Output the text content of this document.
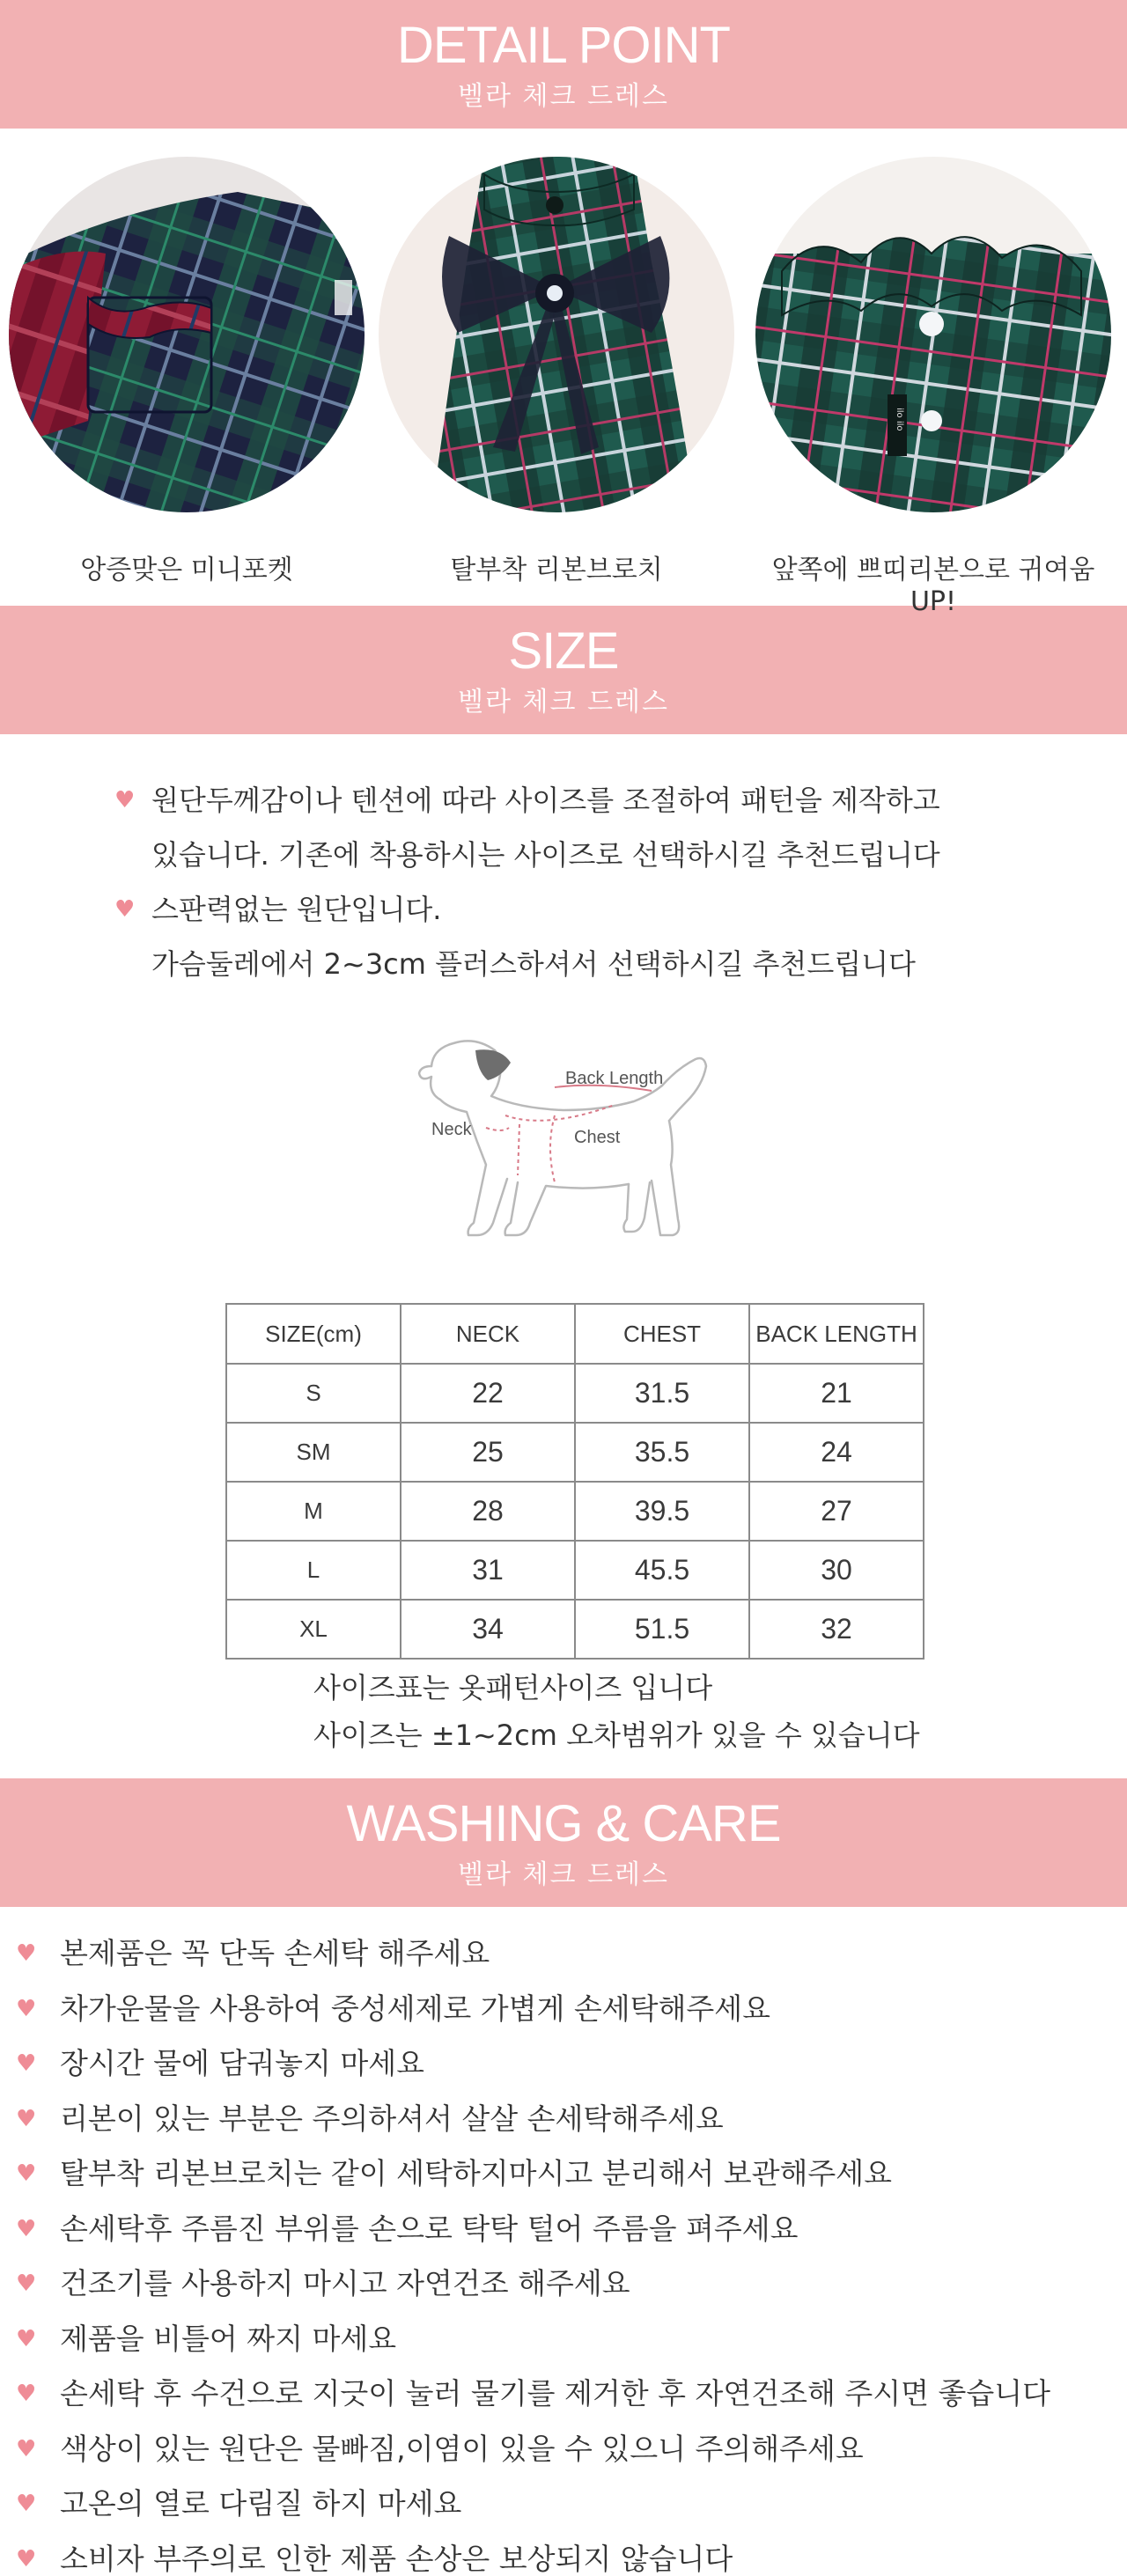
DETAIL POINT
벨라 체크 드레스
앙증맞은 미니포켓	탈부착 리본브로치
ilo ilo
앞쪽에 쁘띠리본으로 귀여움 UP!
SIZE
벨라 체크 드레스
♥ 원단두께감이나 텐션에 따라 사이즈를 조절하여 패턴을 제작하고
있습니다. 기존에 착용하시는 사이즈로 선택하시길 추천드립니다
♥ 스판력없는 원단입니다.
가슴둘레에서 2~3cm 플러스하셔서 선택하시길 추천드립니다
Back Length
Neck	Chest
SIZE(cm)	NECK	CHEST	BACK LENGTH
S	22	31.5	21
SM	25	35.5	24
M	28	39.5	27
L	31	45.5	30
XL	34	51.5	32
사이즈표는 옷패턴사이즈 입니다
사이즈는 ±1~2cm 오차범위가 있을 수 있습니다
WASHING & CARE
벨라 체크 드레스
♥ 본제품은 꼭 단독 손세탁 해주세요
♥ 차가운물을 사용하여 중성세제로 가볍게 손세탁해주세요
♥ 장시간 물에 담궈놓지 마세요
♥ 리본이 있는 부분은 주의하셔서 살살 손세탁해주세요
♥ 탈부착 리본브로치는 같이 세탁하지마시고 분리해서 보관해주세요
♥ 손세탁후 주름진 부위를 손으로 탁탁 털어 주름을 펴주세요
♥ 건조기를 사용하지 마시고 자연건조 해주세요
♥ 제품을 비틀어 짜지 마세요
♥ 손세탁 후 수건으로 지긋이 눌러 물기를 제거한 후 자연건조해 주시면 좋습니다
♥ 색상이 있는 원단은 물빠짐,이염이 있을 수 있으니 주의해주세요
♥ 고온의 열로 다림질 하지 마세요
♥ 소비자 부주의로 인한 제품 손상은 보상되지 않습니다
